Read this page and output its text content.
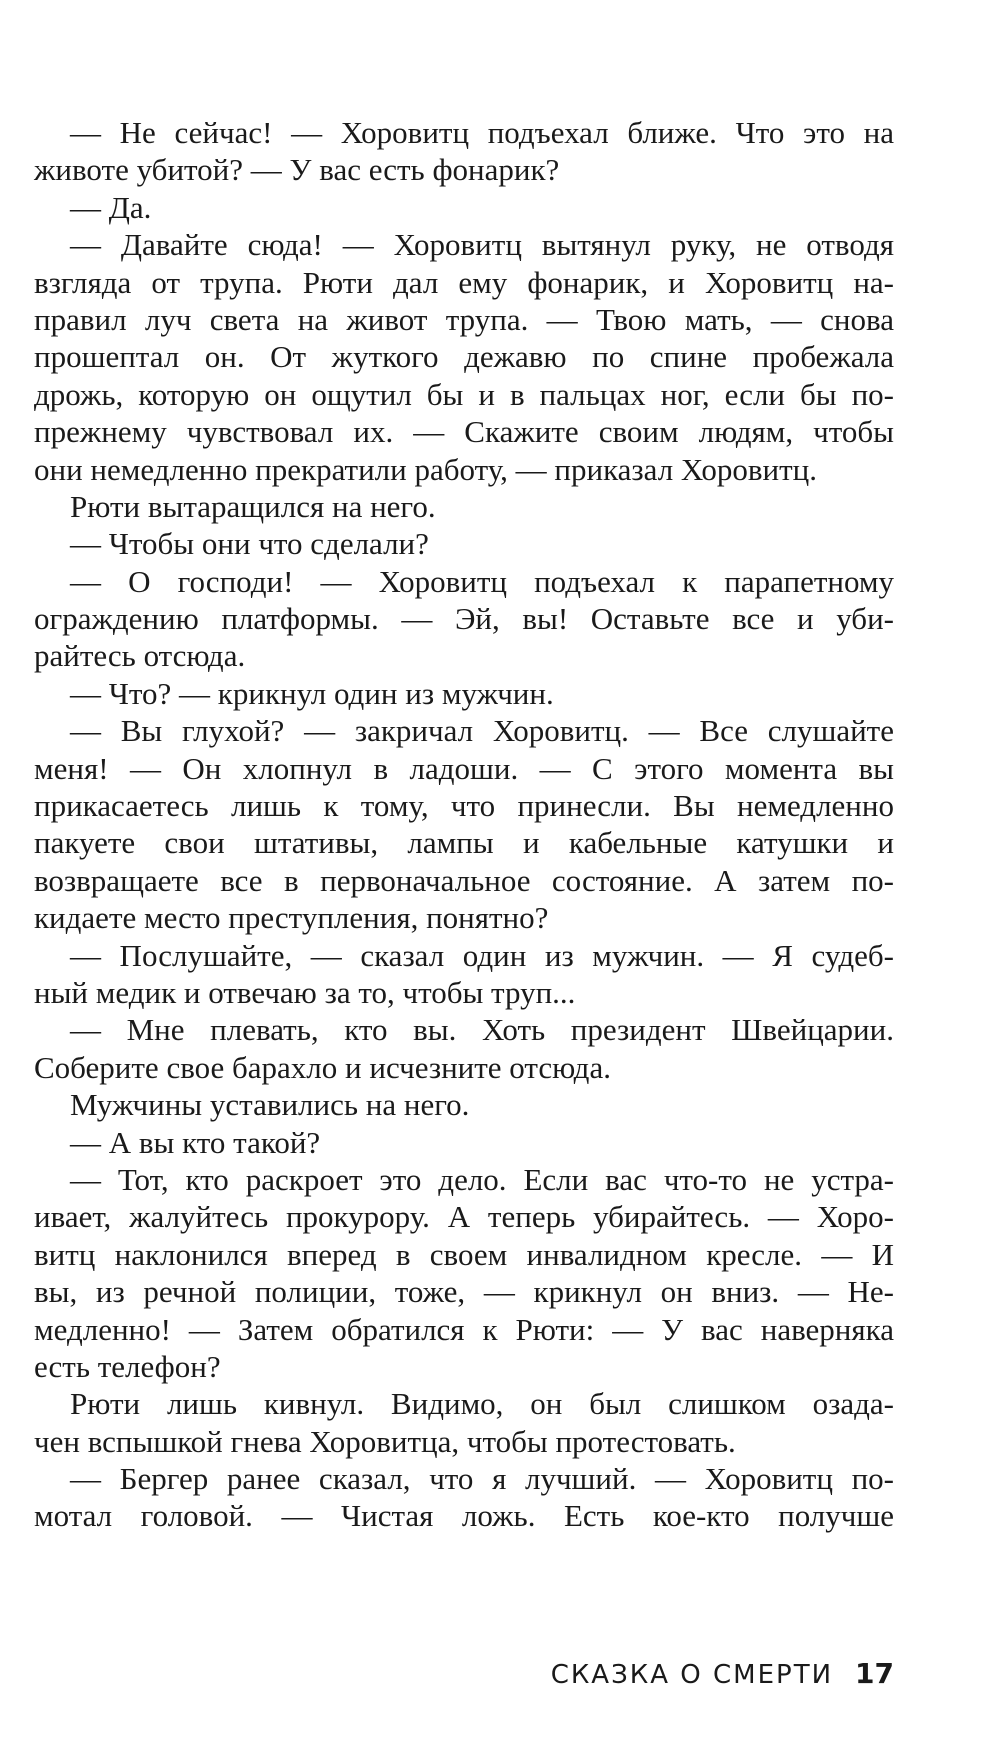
— Не сейчас! — Хоровитц подъехал ближе. Что это на
животе убитой? — У вас есть фонарик?
— Да.
— Давайте сюда! — Хоровитц вытянул руку, не отводя
взгляда от трупа. Рюти дал ему фонарик, и Хоровитц на-
правил луч света на живот трупа. — Твою мать, — снова
прошептал он. От жуткого дежавю по спине пробежала
дрожь, которую он ощутил бы и в пальцах ног, если бы по-
прежнему чувствовал их. — Скажите своим людям, чтобы
они немедленно прекратили работу, — приказал Хоровитц.
Рюти вытаращился на него.
— Чтобы они что сделали?
— О господи! — Хоровитц подъехал к парапетному
ограждению платформы. — Эй, вы! Оставьте все и уби-
райтесь отсюда.
— Что? — крикнул один из мужчин.
— Вы глухой? — закричал Хоровитц. — Все слушайте
меня! — Он хлопнул в ладоши. — С этого момента вы
прикасаетесь лишь к тому, что принесли. Вы немедленно
пакуете свои штативы, лампы и кабельные катушки и
возвращаете все в первоначальное состояние. А затем по-
кидаете место преступления, понятно?
— Послушайте, — сказал один из мужчин. — Я судеб-
ный медик и отвечаю за то, чтобы труп...
— Мне плевать, кто вы. Хоть президент Швейцарии.
Соберите свое барахло и исчезните отсюда.
Мужчины уставились на него.
— А вы кто такой?
— Тот, кто раскроет это дело. Если вас что-то не устра-
ивает, жалуйтесь прокурору. А теперь убирайтесь. — Хоро-
витц наклонился вперед в своем инвалидном кресле. — И
вы, из речной полиции, тоже, — крикнул он вниз. — Не-
медленно! — Затем обратился к Рюти: — У вас наверняка
есть телефон?
Рюти лишь кивнул. Видимо, он был слишком озада-
чен вспышкой гнева Хоровитца, чтобы протестовать.
— Бергер ранее сказал, что я лучший. — Хоровитц по-
мотал головой. — Чистая ложь. Есть кое-кто получше
СКАЗКА О СМЕРТИ 17
